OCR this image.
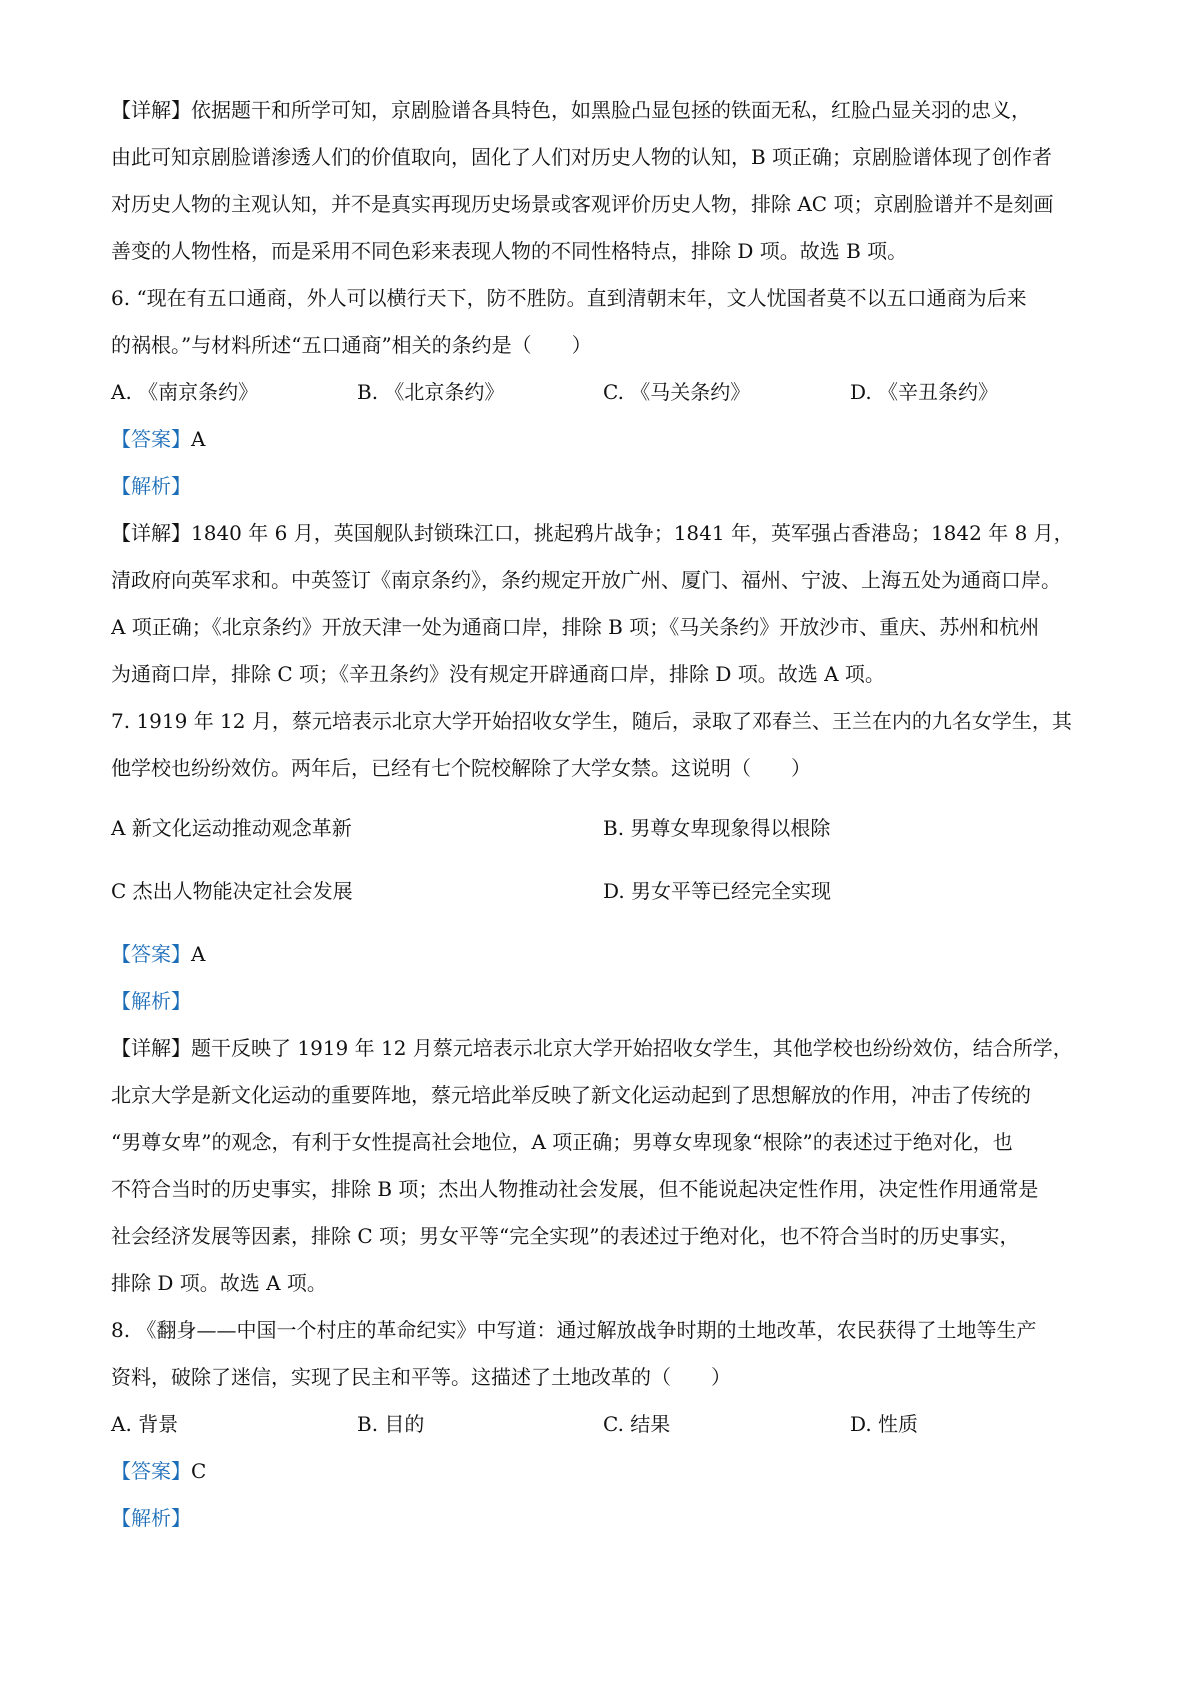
【详解】依据题干和所学可知，京剧脸谱各具特色，如黑脸凸显包拯的铁面无私，红脸凸显关羽的忠义，
由此可知京剧脸谱渗透人们的价值取向，固化了人们对历史人物的认知，B 项正确；京剧脸谱体现了创作者
对历史人物的主观认知，并不是真实再现历史场景或客观评价历史人物，排除 AC 项；京剧脸谱并不是刻画
善变的人物性格，而是采用不同色彩来表现人物的不同性格特点，排除 D 项。故选 B 项。
6. “现在有五口通商，外人可以横行天下，防不胜防。直到清朝末年，文人忧国者莫不以五口通商为后来
的祸根。”与材料所述“五口通商”相关的条约是（　　）
A. 《南京条约》	B. 《北京条约》	C. 《马关条约》	D. 《辛丑条约》
【答案】A
【解析】
【详解】1840 年 6 月，英国舰队封锁珠江口，挑起鸦片战争；1841 年，英军强占香港岛；1842 年 8 月，
清政府向英军求和。中英签订《南京条约》，条约规定开放广州、厦门、福州、宁波、上海五处为通商口岸。
A 项正确；《北京条约》开放天津一处为通商口岸，排除 B 项；《马关条约》开放沙市、重庆、苏州和杭州
为通商口岸，排除 C 项；《辛丑条约》没有规定开辟通商口岸，排除 D 项。故选 A 项。
7. 1919 年 12 月，蔡元培表示北京大学开始招收女学生，随后，录取了邓春兰、王兰在内的九名女学生，其
他学校也纷纷效仿。两年后，已经有七个院校解除了大学女禁。这说明（　　）
A 新文化运动推动观念革新	B. 男尊女卑现象得以根除
C 杰出人物能决定社会发展	D. 男女平等已经完全实现
【答案】A
【解析】
【详解】题干反映了 1919 年 12 月蔡元培表示北京大学开始招收女学生，其他学校也纷纷效仿，结合所学，
北京大学是新文化运动的重要阵地，蔡元培此举反映了新文化运动起到了思想解放的作用，冲击了传统的
“男尊女卑”的观念，有利于女性提高社会地位，A 项正确；男尊女卑现象“根除”的表述过于绝对化，也
不符合当时的历史事实，排除 B 项；杰出人物推动社会发展，但不能说起决定性作用，决定性作用通常是
社会经济发展等因素，排除 C 项；男女平等“完全实现”的表述过于绝对化，也不符合当时的历史事实，
排除 D 项。故选 A 项。
8. 《翻身——中国一个村庄的革命纪实》中写道：通过解放战争时期的土地改革，农民获得了土地等生产
资料，破除了迷信，实现了民主和平等。这描述了土地改革的（　　）
A. 背景	B. 目的	C. 结果	D. 性质
【答案】C
【解析】
